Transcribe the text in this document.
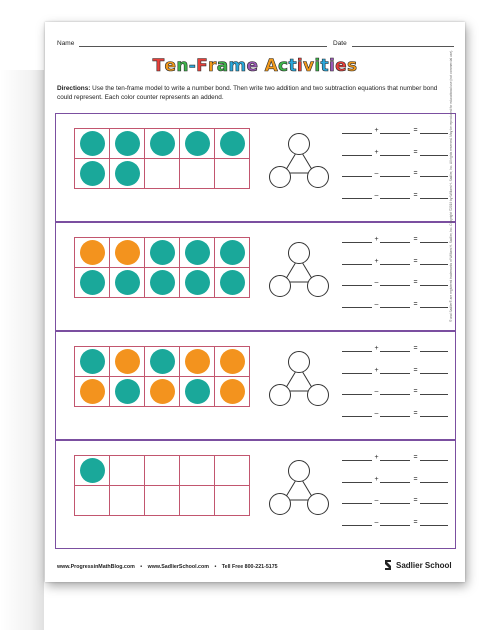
Name	Date
Ten-Frame Activities
Directions: Use the ten-frame model to write a number bond. Then write two addition and two subtraction equations that number bond could represent. Each color counter represents an addend.
+	=
+	=
–	=
–	=
+	=
+	=
–	=
–	=
+	=
+	=
–	=
–	=
+	=
+	=
–	=
–	=
www.ProgressinMathBlog.com • www.SadlierSchool.com • Tell Free 800-221-5175	Sadlier School
® and Sadlier® are registered trademarks of William H. Sadlier, Inc. Copyright ©2019 by William H. Sadlier, Inc. All rights reserved. May be reproduced for educational use (not commercial use).
